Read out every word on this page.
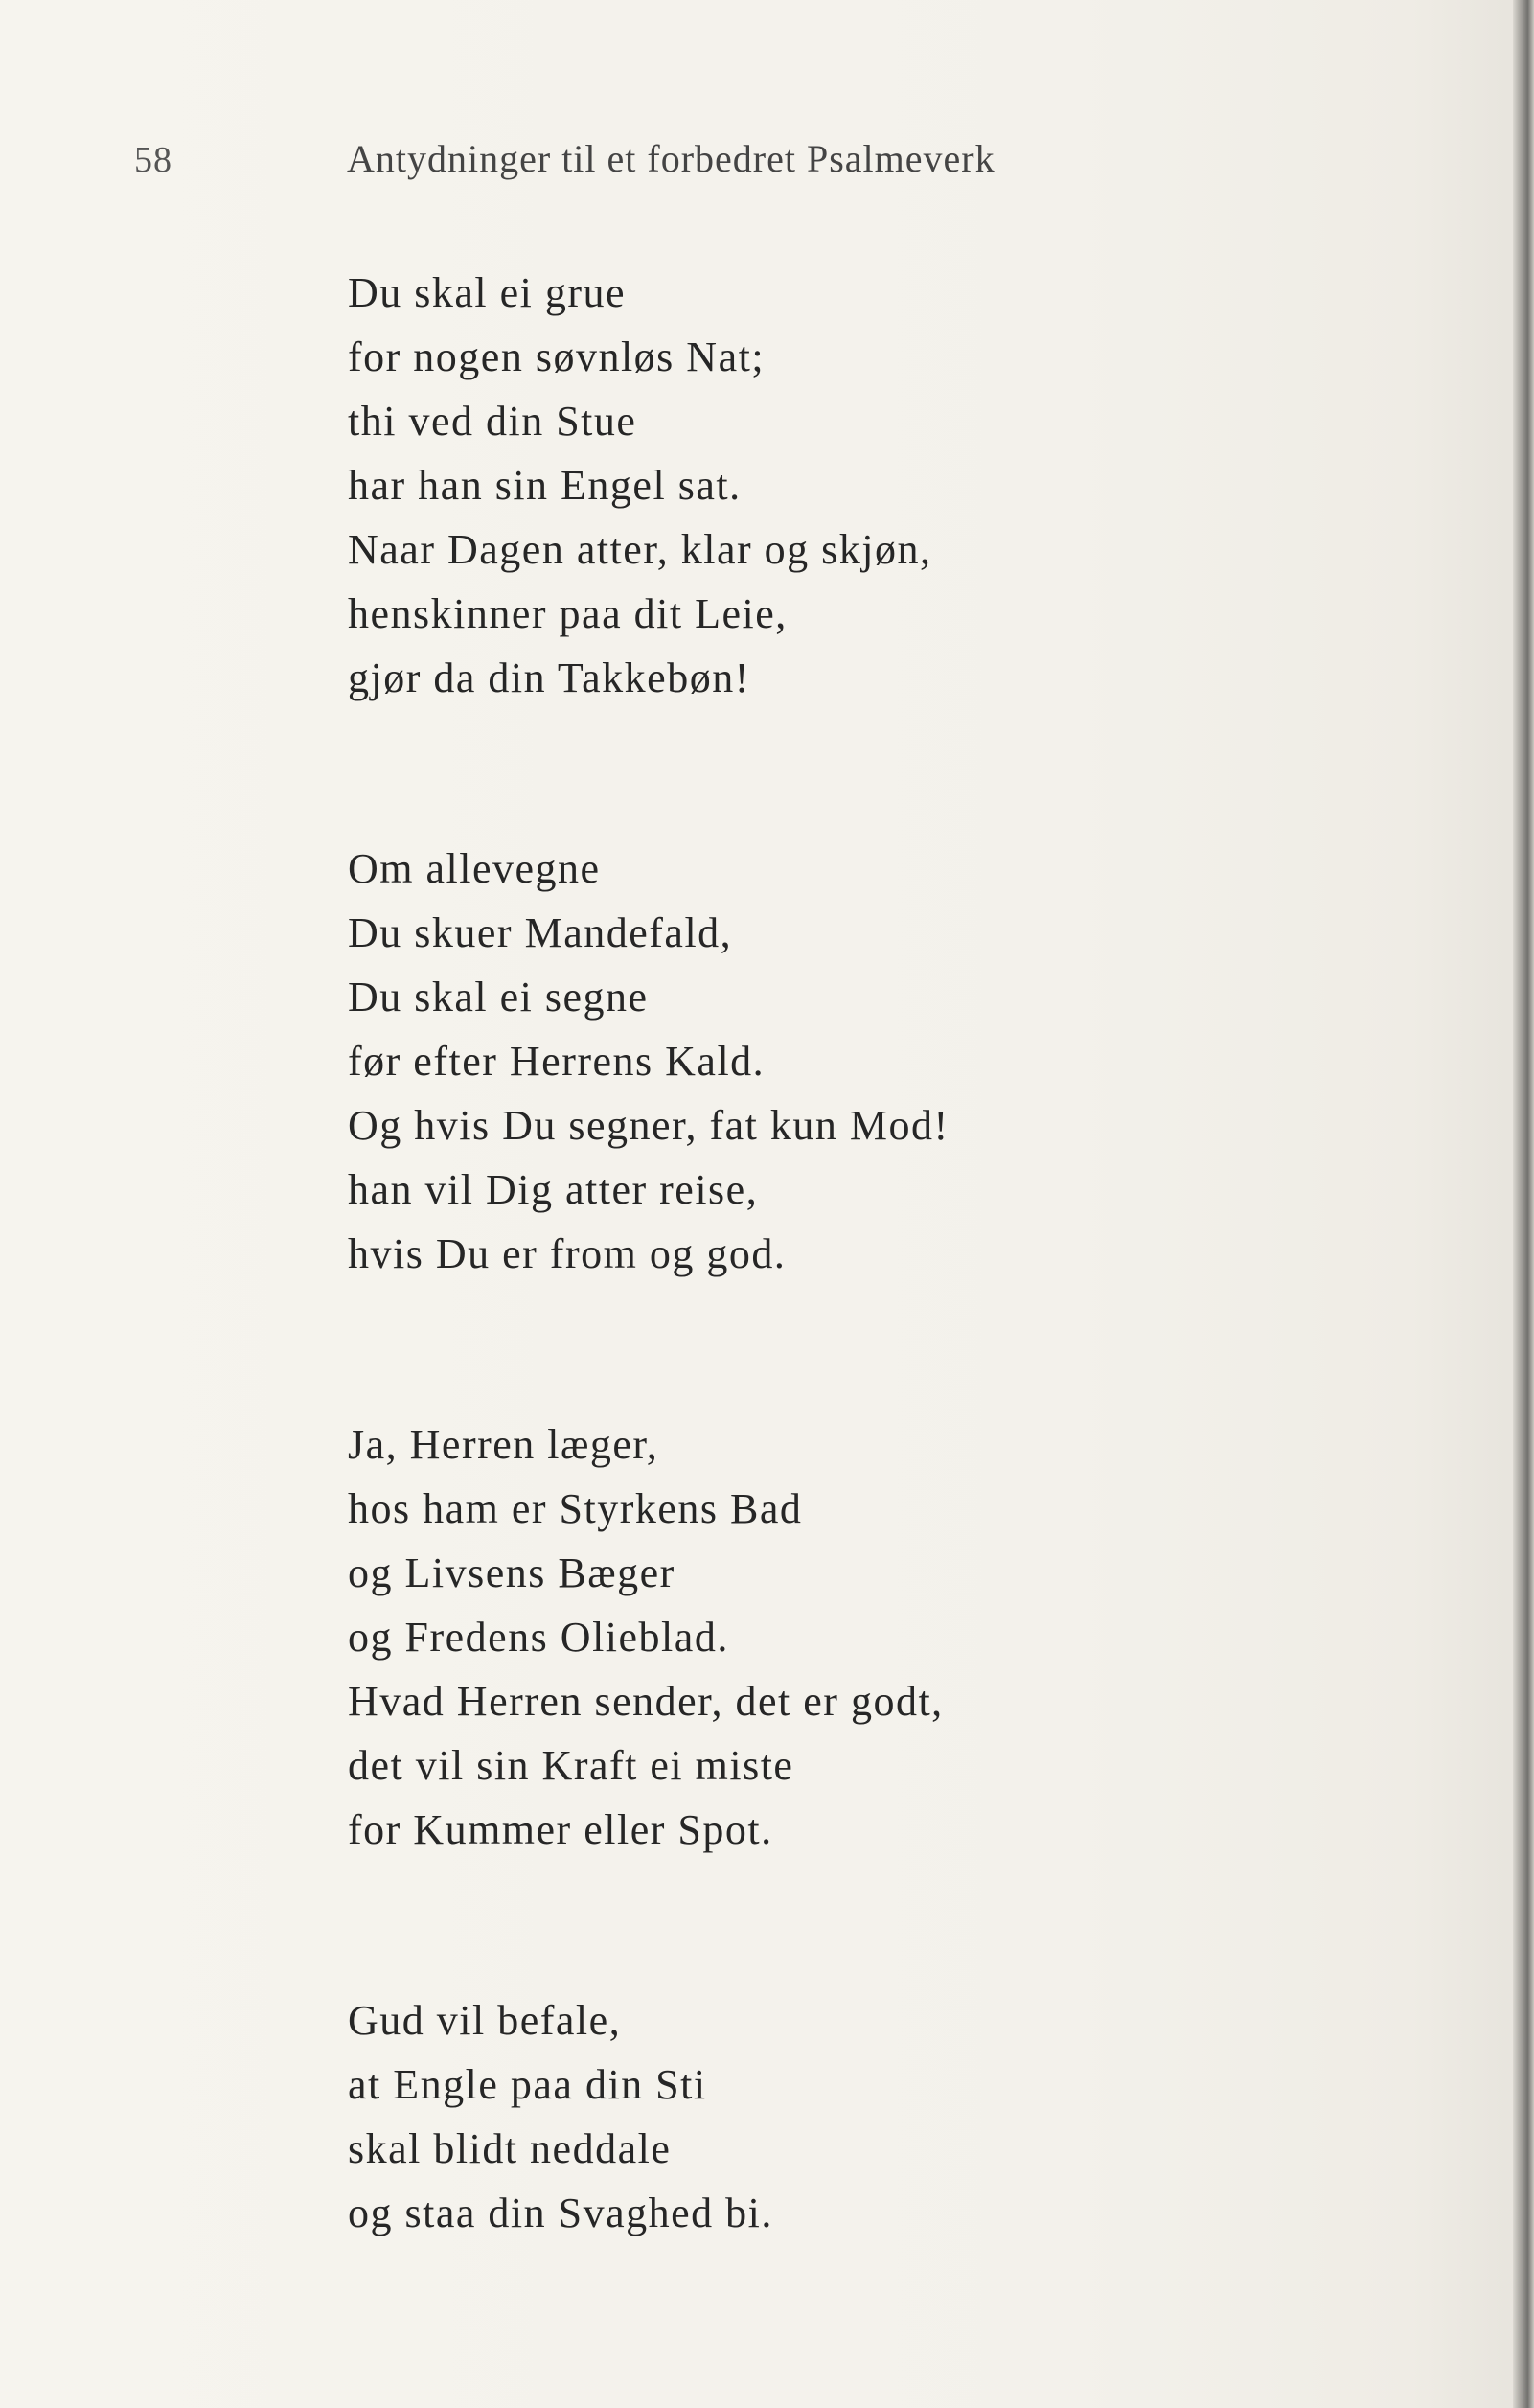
58	Antydninger til et forbedret Psalmeverk
Du skal ei grue
for nogen søvnløs Nat;
thi ved din Stue
har han sin Engel sat.
Naar Dagen atter, klar og skjøn,
henskinner paa dit Leie,
gjør da din Takkebøn!
Om allevegne
Du skuer Mandefald,
Du skal ei segne
før efter Herrens Kald.
Og hvis Du segner, fat kun Mod!
han vil Dig atter reise,
hvis Du er from og god.
Ja, Herren læger,
hos ham er Styrkens Bad
og Livsens Bæger
og Fredens Olieblad.
Hvad Herren sender, det er godt,
det vil sin Kraft ei miste
for Kummer eller Spot.
Gud vil befale,
at Engle paa din Sti
skal blidt neddale
og staa din Svaghed bi.
